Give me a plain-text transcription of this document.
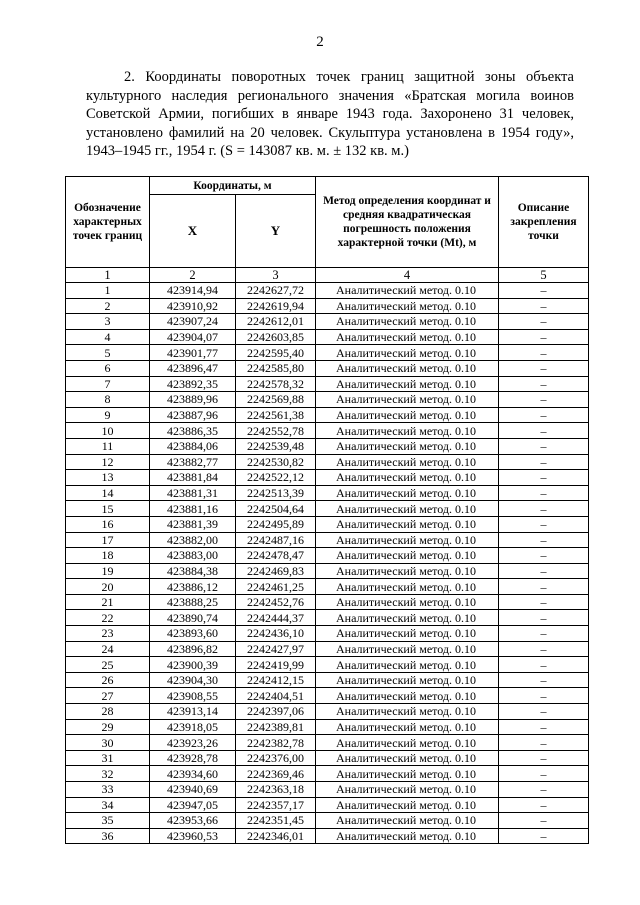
2

2. Координаты поворотных точек границ защитной зоны объекта

культурного наследия регионального значения «Братская могила воинов

Советской Армии, погибших в январе 1943 года. Захоронено 31 человек,

установлено фамилий на 20 человек. Скульптура установлена в 1954 году»,

1943–1945 гг., 1954 г. (S = 143087 кв. м. ± 132 кв. м.)

Обозначение характерных точек границ	Координаты, м		Метод определения координат и средняя квадратическая погрешность положения характерной точки (Mt), м	Описание закрепления точки
	X	Y		
1	2	3	4	5
1	423914,94	2242627,72	Аналитический метод. 0.10	–
2	423910,92	2242619,94	Аналитический метод. 0.10	–
3	423907,24	2242612,01	Аналитический метод. 0.10	–
4	423904,07	2242603,85	Аналитический метод. 0.10	–
5	423901,77	2242595,40	Аналитический метод. 0.10	–
6	423896,47	2242585,80	Аналитический метод. 0.10	–
7	423892,35	2242578,32	Аналитический метод. 0.10	–
8	423889,96	2242569,88	Аналитический метод. 0.10	–
9	423887,96	2242561,38	Аналитический метод. 0.10	–
10	423886,35	2242552,78	Аналитический метод. 0.10	–
11	423884,06	2242539,48	Аналитический метод. 0.10	–
12	423882,77	2242530,82	Аналитический метод. 0.10	–
13	423881,84	2242522,12	Аналитический метод. 0.10	–
14	423881,31	2242513,39	Аналитический метод. 0.10	–
15	423881,16	2242504,64	Аналитический метод. 0.10	–
16	423881,39	2242495,89	Аналитический метод. 0.10	–
17	423882,00	2242487,16	Аналитический метод. 0.10	–
18	423883,00	2242478,47	Аналитический метод. 0.10	–
19	423884,38	2242469,83	Аналитический метод. 0.10	–
20	423886,12	2242461,25	Аналитический метод. 0.10	–
21	423888,25	2242452,76	Аналитический метод. 0.10	–
22	423890,74	2242444,37	Аналитический метод. 0.10	–
23	423893,60	2242436,10	Аналитический метод. 0.10	–
24	423896,82	2242427,97	Аналитический метод. 0.10	–
25	423900,39	2242419,99	Аналитический метод. 0.10	–
26	423904,30	2242412,15	Аналитический метод. 0.10	–
27	423908,55	2242404,51	Аналитический метод. 0.10	–
28	423913,14	2242397,06	Аналитический метод. 0.10	–
29	423918,05	2242389,81	Аналитический метод. 0.10	–
30	423923,26	2242382,78	Аналитический метод. 0.10	–
31	423928,78	2242376,00	Аналитический метод. 0.10	–
32	423934,60	2242369,46	Аналитический метод. 0.10	–
33	423940,69	2242363,18	Аналитический метод. 0.10	–
34	423947,05	2242357,17	Аналитический метод. 0.10	–
35	423953,66	2242351,45	Аналитический метод. 0.10	–
36	423960,53	2242346,01	Аналитический метод. 0.10	–
